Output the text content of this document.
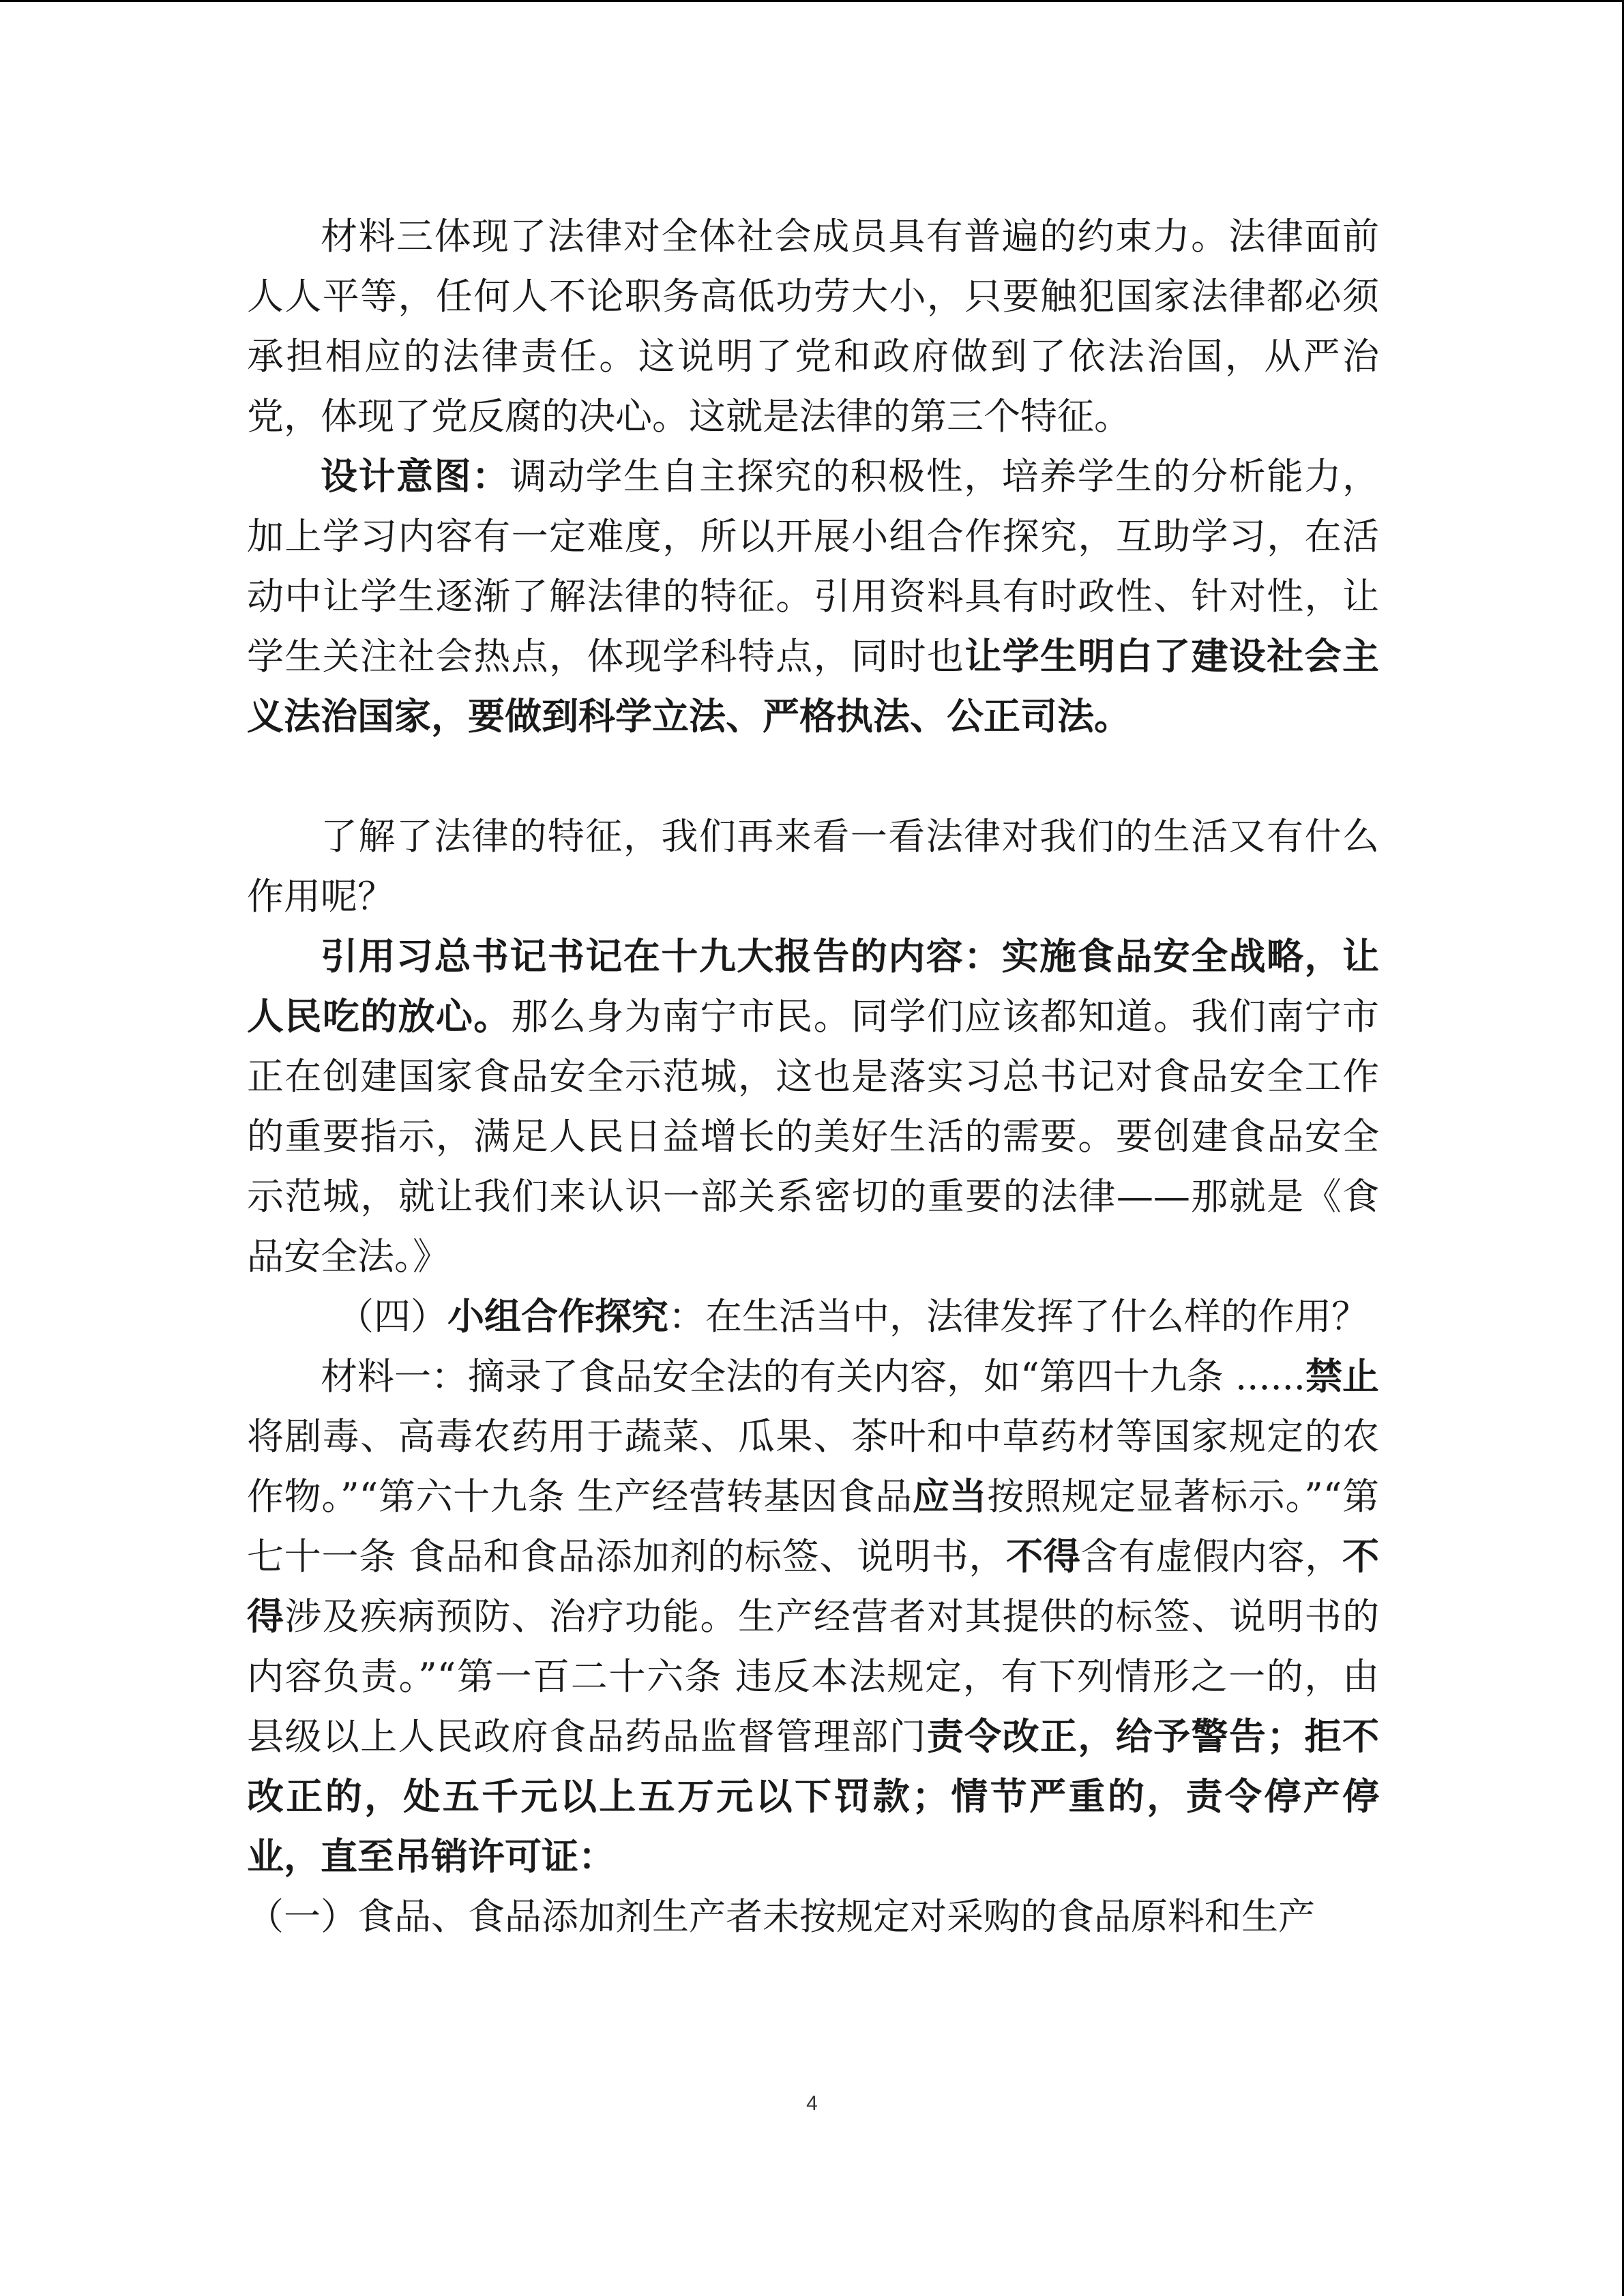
材料三体现了法律对全体社会成员具有普遍的约束力。法律面前人人平等，任何人不论职务高低功劳大小，只要触犯国家法律都必须承担相应的法律责任。这说明了党和政府做到了依法治国，从严治党，体现了党反腐的决心。这就是法律的第三个特征。

设计意图：调动学生自主探究的积极性，培养学生的分析能力，加上学习内容有一定难度，所以开展小组合作探究，互助学习，在活动中让学生逐渐了解法律的特征。引用资料具有时政性、针对性，让学生关注社会热点，体现学科特点，同时也让学生明白了建设社会主义法治国家，要做到科学立法、严格执法、公正司法。

了解了法律的特征，我们再来看一看法律对我们的生活又有什么作用呢？

引用习总书记书记在十九大报告的内容：实施食品安全战略，让人民吃的放心。那么身为南宁市民。同学们应该都知道。我们南宁市正在创建国家食品安全示范城，这也是落实习总书记对食品安全工作的重要指示，满足人民日益增长的美好生活的需要。要创建食品安全示范城，就让我们来认识一部关系密切的重要的法律——那就是《食品安全法。》

（四）小组合作探究：在生活当中，法律发挥了什么样的作用？

材料一：摘录了食品安全法的有关内容，如“第四十九条 ......禁止将剧毒、高毒农药用于蔬菜、瓜果、茶叶和中草药材等国家规定的农作物。”“第六十九条 生产经营转基因食品应当按照规定显著标示。”“第七十一条 食品和食品添加剂的标签、说明书，不得含有虚假内容，不得涉及疾病预防、治疗功能。生产经营者对其提供的标签、说明书的内容负责。”“第一百二十六条 违反本法规定，有下列情形之一的，由县级以上人民政府食品药品监督管理部门责令改正，给予警告；拒不改正的，处五千元以上五万元以下罚款；情节严重的，责令停产停业，直至吊销许可证：

（一）食品、食品添加剂生产者未按规定对采购的食品原料和生产

4
